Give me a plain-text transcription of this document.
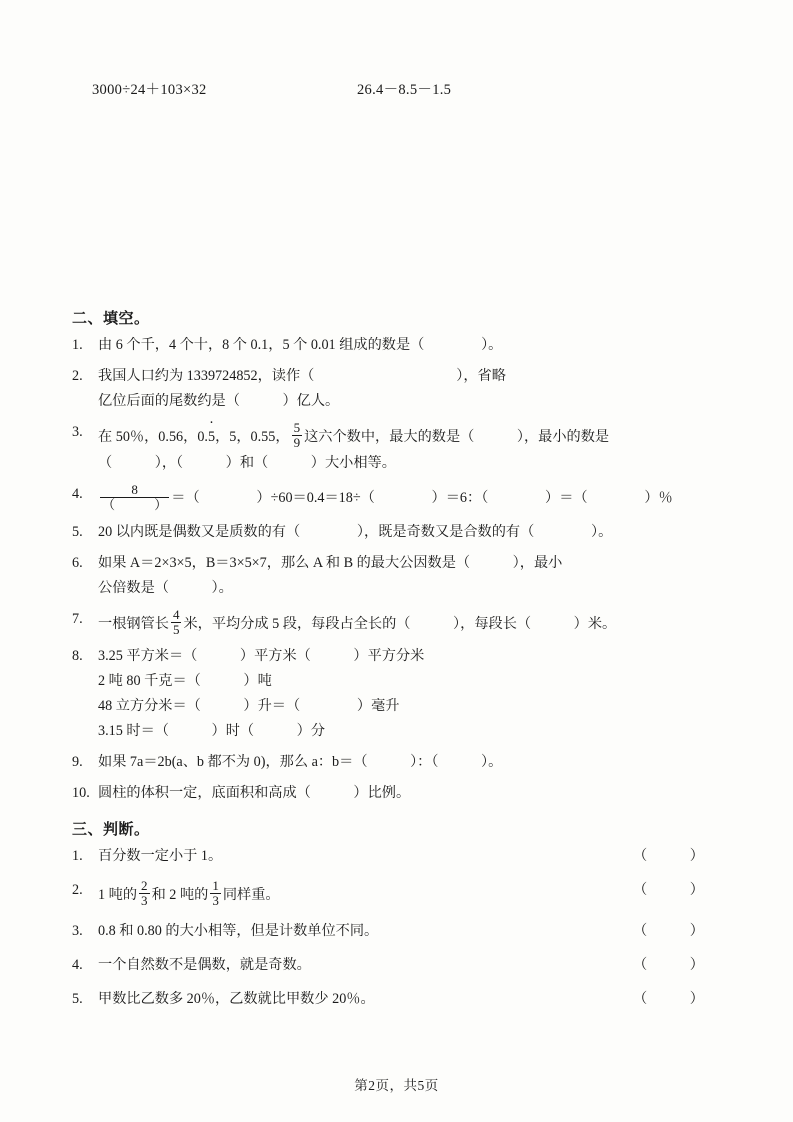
3000÷24＋103×32	26.4－8.5－1.5
二、填空。
1.	由 6 个千，4 个十，8 个 0.1，5 个 0.01 组成的数是（　　　　）。
2.	我国人口约为 1339724852，读作（　　　　　　　　　　），省略
亿位后面的尾数约是（　　　）亿人。
3.	在 50％，0.56，0.5 ·，5，0.55， $\frac{5}{9}$ 这六个数中，最大的数是（　　　），最小的数是
（　　　），（　　　）和（　　　）大小相等。
4.	$\frac{8}{( )}$ ＝（　　　　）÷60＝0.4＝18÷（　　　　）＝6：（　　　　）＝（　　　　）％
5.	20 以内既是偶数又是质数的有（　　　　），既是奇数又是合数的有（　　　　）。
6.	如果 A＝2×3×5，B＝3×5×7，那么 A 和 B 的最大公因数是（　　　），最小
公倍数是（　　　）。
7.	一根钢管长 $\frac{4}{5}$ 米，平均分成 5 段，每段占全长的（　　　），每段长（　　　）米。
8.	3.25 平方米＝（　　　）平方米（　　　）平方分米
2 吨 80 千克＝（　　　）吨
48 立方分米＝（　　　）升＝（　　　　）毫升
3.15 时＝（　　　）时（　　　）分
9.	如果 7a＝2b(a、b 都不为 0)，那么 a：b＝（　　　）：（　　　）。
10. 圆柱的体积一定，底面积和高成（　　　）比例。
三、判断。
1.	百分数一定小于 1。	（　　　）
2.	1 吨的 $\frac{2}{3}$ 和 2 吨的 $\frac{1}{3}$ 同样重。	（　　　）
3.	0.8 和 0.80 的大小相等，但是计数单位不同。	（　　　）
4.	一个自然数不是偶数，就是奇数。	（　　　）
5.	甲数比乙数多 20％，乙数就比甲数少 20％。	（　　　）
第2页，共5页
